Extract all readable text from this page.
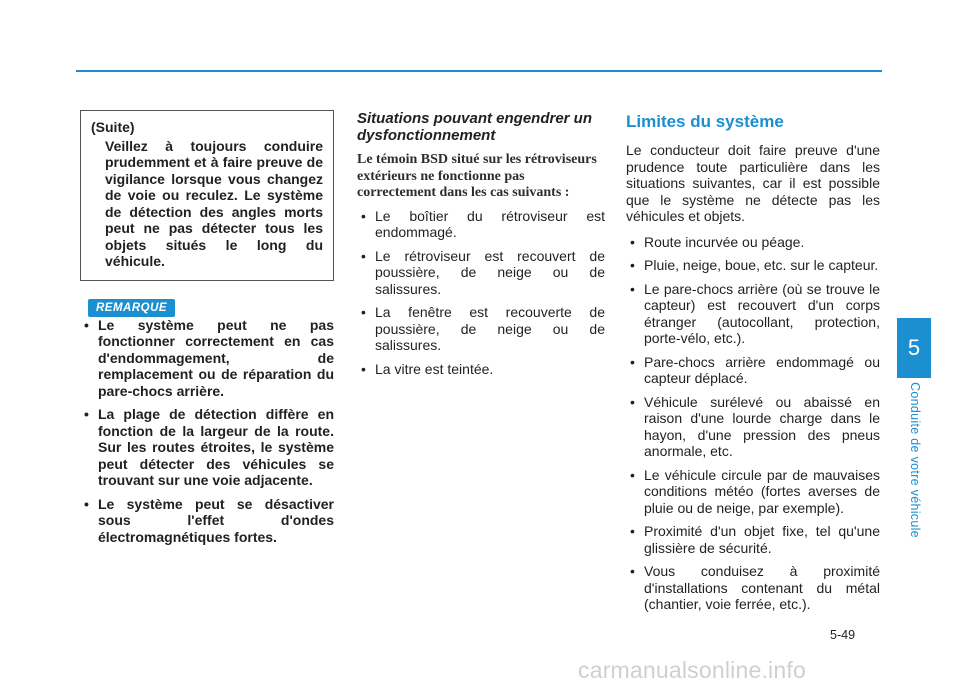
5
Conduite de votre véhicule
(Suite)
Veillez à toujours conduire prudemment et à faire preuve de vigilance lorsque vous changez de voie ou reculez. Le système de détection des angles morts peut ne pas détecter tous les objets situés le long du véhicule.
REMARQUE
• Le système peut ne pas fonctionner correctement en cas d'endommagement, de remplacement ou de réparation du pare-chocs arrière.
• La plage de détection diffère en fonction de la largeur de la route. Sur les routes étroites, le système peut détecter des véhicules se trouvant sur une voie adjacente.
• Le système peut se désactiver sous l'effet d'ondes électromagnétiques fortes.
Situations pouvant engendrer un dysfonctionnement
Le témoin BSD situé sur les rétroviseurs extérieurs ne fonctionne pas correctement dans les cas suivants :
• Le boîtier du rétroviseur est endommagé.
• Le rétroviseur est recouvert de poussière, de neige ou de salissures.
• La fenêtre est recouverte de poussière, de neige ou de salissures.
• La vitre est teintée.
Limites du système

Le conducteur doit faire preuve d'une prudence toute particulière dans les situations suivantes, car il est possible que le système ne détecte pas les véhicules et objets.

• Route incurvée ou péage.
• Pluie, neige, boue, etc. sur le capteur.
• Le pare-chocs arrière (où se trouve le capteur) est recouvert d'un corps étranger (autocollant, protection, porte-vélo, etc.).
• Pare-chocs arrière endommagé ou capteur déplacé.
• Véhicule surélevé ou abaissé en raison d'une lourde charge dans le hayon, d'une pression des pneus anormale, etc.
• Le véhicule circule par de mauvaises conditions météo (fortes averses de pluie ou de neige, par exemple).
• Proximité d'un objet fixe, tel qu'une glissière de sécurité.
• Vous conduisez à proximité d'installations contenant du métal (chantier, voie ferrée, etc.).
5-49
carmanualsonline.info
